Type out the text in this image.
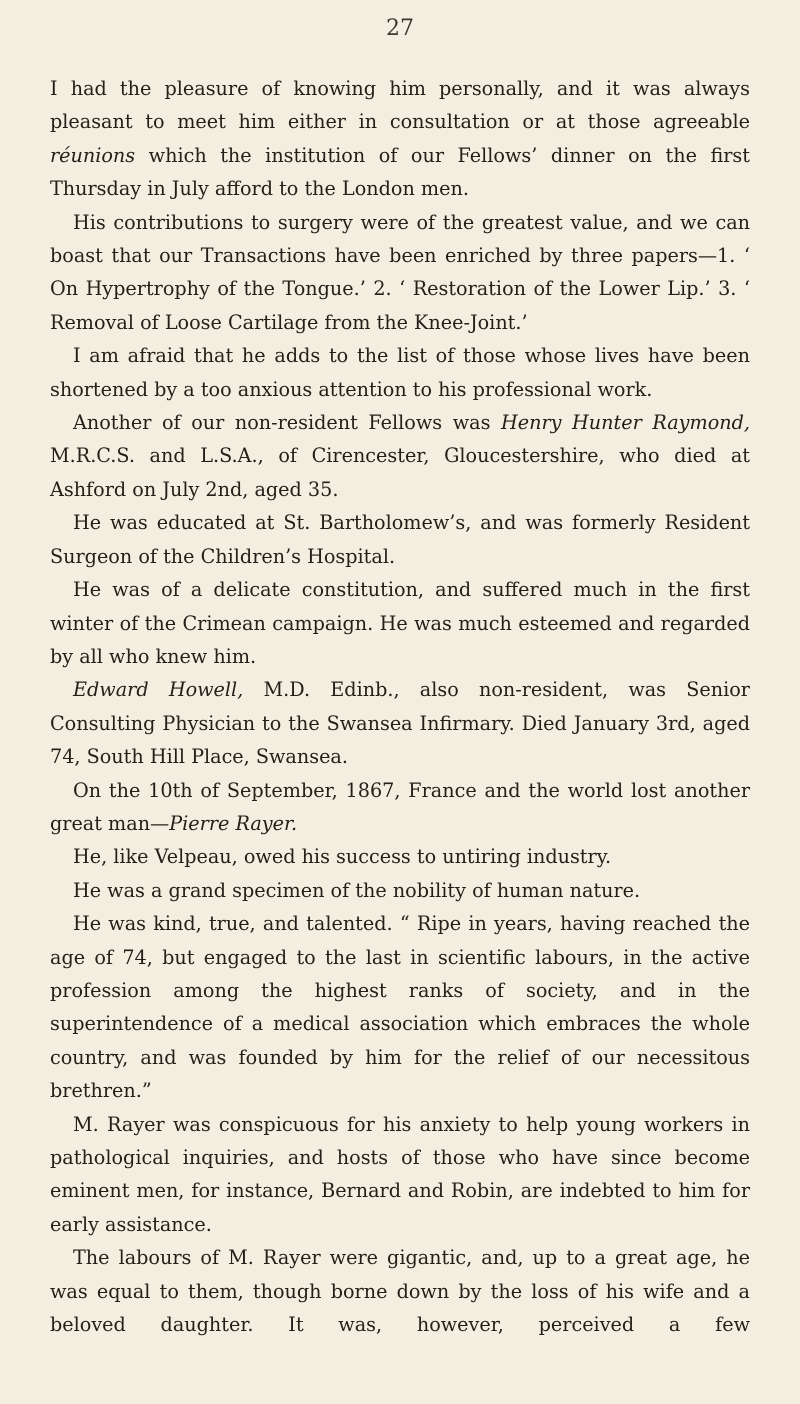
27

I had the pleasure of knowing him personally, and it was always pleasant to meet him either in consultation or at those agreeable réunions which the institution of our Fellows’ dinner on the first Thursday in July afford to the London men.

His contributions to surgery were of the greatest value, and we can boast that our Transactions have been enriched by three papers—1. ‘ On Hypertrophy of the Tongue.’ 2. ‘ Restoration of the Lower Lip.’ 3. ‘ Removal of Loose Cartilage from the Knee-Joint.’

I am afraid that he adds to the list of those whose lives have been shortened by a too anxious attention to his professional work.

Another of our non-resident Fellows was Henry Hunter Raymond, M.R.C.S. and L.S.A., of Cirencester, Gloucestershire, who died at Ashford on July 2nd, aged 35.

He was educated at St. Bartholomew’s, and was formerly Resident Surgeon of the Children’s Hospital.

He was of a delicate constitution, and suffered much in the first winter of the Crimean campaign. He was much esteemed and regarded by all who knew him.

Edward Howell, M.D. Edinb., also non-resident, was Senior Consulting Physician to the Swansea Infirmary. Died January 3rd, aged 74, South Hill Place, Swansea.

On the 10th of September, 1867, France and the world lost another great man—Pierre Rayer.

He, like Velpeau, owed his success to untiring industry.

He was a grand specimen of the nobility of human nature.

He was kind, true, and talented. “ Ripe in years, having reached the age of 74, but engaged to the last in scientific labours, in the active profession among the highest ranks of society, and in the superintendence of a medical association which embraces the whole country, and was founded by him for the relief of our necessitous brethren.”

M. Rayer was conspicuous for his anxiety to help young workers in pathological inquiries, and hosts of those who have since become eminent men, for instance, Bernard and Robin, are indebted to him for early assistance.

The labours of M. Rayer were gigantic, and, up to a great age, he was equal to them, though borne down by the loss of his wife and a beloved daughter. It was, however, perceived a few
